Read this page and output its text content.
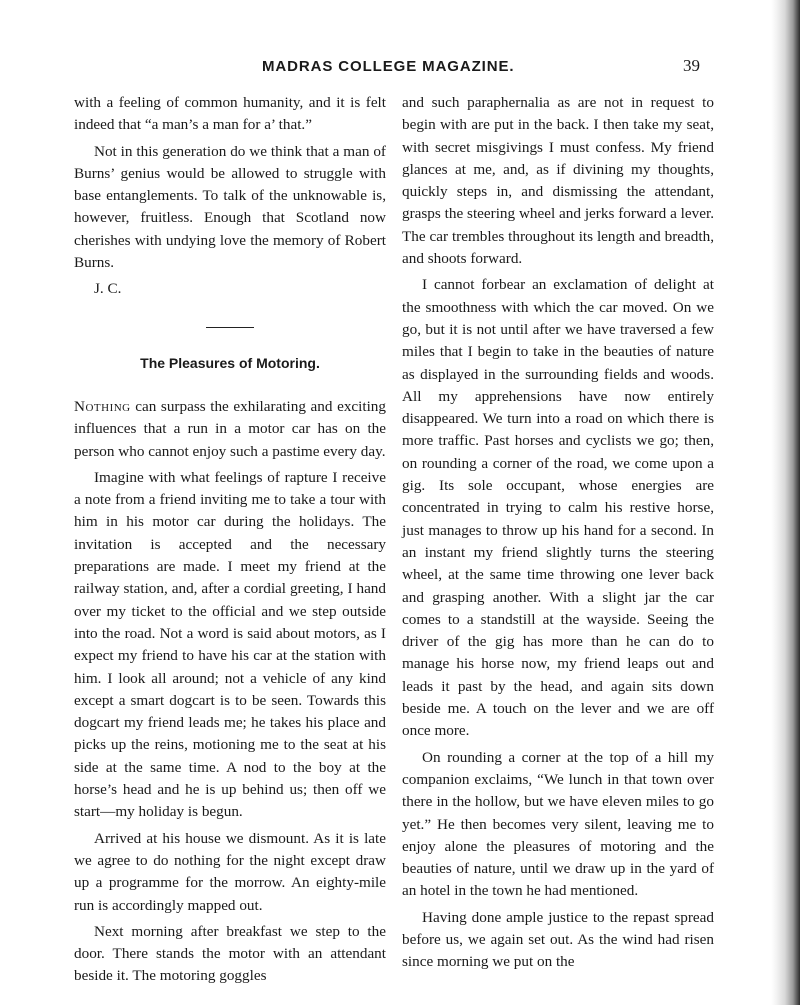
MADRAS COLLEGE MAGAZINE.	39

with a feeling of common humanity, and it is felt indeed that “a man’s a man for a’ that.”

Not in this generation do we think that a man of Burns’ genius would be allowed to struggle with base entanglements. To talk of the unknowable is, however, fruitless. Enough that Scotland now cherishes with undying love the memory of Robert Burns.

J. C.

The Pleasures of Motoring.

Nothing can surpass the exhilarating and exciting influences that a run in a motor car has on the person who cannot enjoy such a pastime every day.

Imagine with what feelings of rapture I receive a note from a friend inviting me to take a tour with him in his motor car during the holidays. The invitation is accepted and the necessary preparations are made. I meet my friend at the railway station, and, after a cordial greeting, I hand over my ticket to the official and we step outside into the road. Not a word is said about motors, as I expect my friend to have his car at the station with him. I look all around; not a vehicle of any kind except a smart dogcart is to be seen. Towards this dogcart my friend leads me; he takes his place and picks up the reins, motioning me to the seat at his side at the same time. A nod to the boy at the horse’s head and he is up behind us; then off we start—my holiday is begun.

Arrived at his house we dismount. As it is late we agree to do nothing for the night except draw up a programme for the morrow. An eighty-mile run is accordingly mapped out.

Next morning after breakfast we step to the door. There stands the motor with an attendant beside it. The motoring goggles

and such paraphernalia as are not in request to begin with are put in the back. I then take my seat, with secret misgivings I must confess. My friend glances at me, and, as if divining my thoughts, quickly steps in, and dismissing the attendant, grasps the steering wheel and jerks forward a lever. The car trembles throughout its length and breadth, and shoots forward.

I cannot forbear an exclamation of delight at the smoothness with which the car moved. On we go, but it is not until after we have traversed a few miles that I begin to take in the beauties of nature as displayed in the surrounding fields and woods. All my apprehensions have now entirely disappeared. We turn into a road on which there is more traffic. Past horses and cyclists we go; then, on rounding a corner of the road, we come upon a gig. Its sole occupant, whose energies are concentrated in trying to calm his restive horse, just manages to throw up his hand for a second. In an instant my friend slightly turns the steering wheel, at the same time throwing one lever back and grasping another. With a slight jar the car comes to a standstill at the wayside. Seeing the driver of the gig has more than he can do to manage his horse now, my friend leaps out and leads it past by the head, and again sits down beside me. A touch on the lever and we are off once more.

On rounding a corner at the top of a hill my companion exclaims, “We lunch in that town over there in the hollow, but we have eleven miles to go yet.” He then becomes very silent, leaving me to enjoy alone the pleasures of motoring and the beauties of nature, until we draw up in the yard of an hotel in the town he had mentioned.

Having done ample justice to the repast spread before us, we again set out. As the wind had risen since morning we put on the
